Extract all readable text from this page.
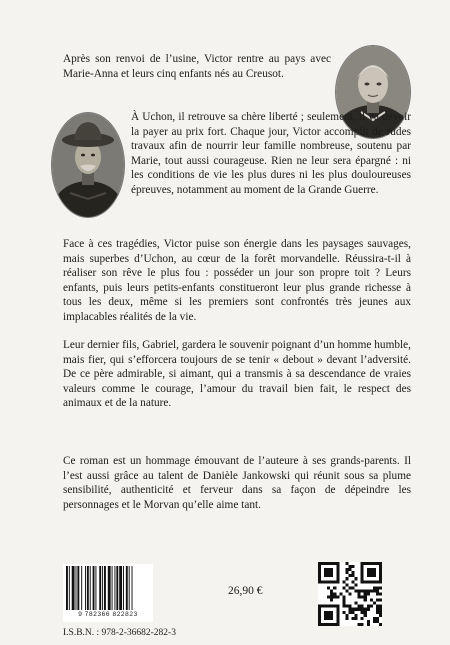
Après son renvoi de l’usine, Victor rentre au pays avec Marie-Anna et leurs cinq enfants nés au Creusot.

À Uchon, il retrouve sa chère liberté ; seulement, il va devoir la payer au prix fort. Chaque jour, Victor accomplit de rudes travaux afin de nourrir leur famille nombreuse, soutenu par Marie, tout aussi courageuse. Rien ne leur sera épargné : ni les conditions de vie les plus dures ni les plus douloureuses épreuves, notamment au moment de la Grande Guerre.

Face à ces tragédies, Victor puise son énergie dans les paysages sauvages, mais superbes d’Uchon, au cœur de la forêt morvandelle. Réussira-t-il à réaliser son rêve le plus fou : posséder un jour son propre toit ? Leurs enfants, puis leurs petits-enfants constitueront leur plus grande richesse à tous les deux, même si les premiers sont confrontés très jeunes aux implacables réalités de la vie.

Leur dernier fils, Gabriel, gardera le souvenir poignant d’un homme humble, mais fier, qui s’efforcera toujours de se tenir « debout » devant l’adversité. De ce père admirable, si aimant, qui a transmis à sa descendance de vraies valeurs comme le courage, l’amour du travail bien fait, le respect des animaux et de la nature.

Ce roman est un hommage émouvant de l’auteure à ses grands-parents. Il l’est aussi grâce au talent de Danièle Jankowski qui réunit sous sa plume sensibilité, authenticité et ferveur dans sa façon de dépeindre les personnages et le Morvan qu’elle aime tant.

9 782366 822823
26,90 €
I.S.B.N. : 978-2-36682-282-3
